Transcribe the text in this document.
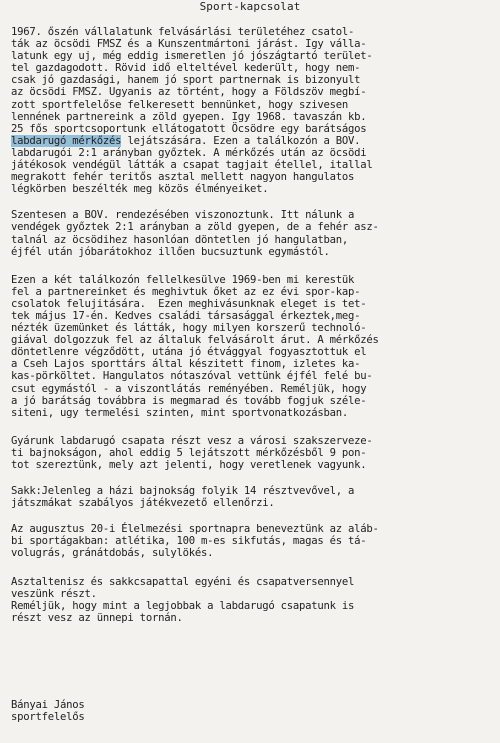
Sport-kapcsolat
1967. őszén vállalatunk felvásárlási területéhez csatol-
ták az öcsödi FMSZ és a Kunszentmártoni járást. Igy válla-
latunk egy uj, még eddig ismeretlen jó jószágtartó terület-
tel gazdagodott. Rövid idő elteltével kederült, hogy nem-
csak jó gazdasági, hanem jó sport partnernak is bizonyult
az öcsödi FMSZ. Ugyanis az történt, hogy a Földszöv megbí-
zott sportfelelőse felkeresett bennünket, hogy szivesen
lennének partnereink a zöld gyepen. Igy 1968. tavaszán kb.
25 fős sportcsoportunk ellátogatott Öcsödre egy barátságos
labdarugó mérkőzés lejátszására. Ezen a találkozón a BOV.
labdarugói 2:1 arányban győztek. A mérkőzés után az öcsödi
játékosok vendégül látták a csapat tagjait étellel, itallal
megrakott fehér teritős asztal mellett nagyon hangulatos
légkörben beszélték meg közös élményeiket.
Szentesen a BOV. rendezésében viszonoztunk. Itt nálunk a
vendégek győztek 2:1 arányban a zöld gyepen, de a fehér asz-
talnál az öcsödihez hasonlóan döntetlen jó hangulatban,
éjfél után jóbarátokhoz illően bucsuztunk egymástól.
Ezen a két találkozón fellelkesülve 1969-ben mi kerestük
fel a partnereinket és meghivtuk őket az ez évi spor-kap-
csolatok felujitására.  Ezen meghivásunknak eleget is tet-
tek május 17-én. Kedves családi társasággal érkeztek,meg-
nézték üzemünket és látták, hogy milyen korszerű technoló-
giával dolgozzuk fel az általuk felvásárolt árut. A mérkőzés
döntetlenre végződött, utána jó étvággyal fogyasztottuk el
a Cseh Lajos sporttárs által készitett finom, izletes ka-
kas-pörköltet. Hangulatos nótaszóval vettünk éjfél felé bu-
csut egymástól - a viszontlátás reményében. Reméljük, hogy
a jó barátság továbbra is megmarad és tovább fogjuk széle-
siteni, ugy termelési szinten, mint sportvonatkozásban.
Gyárunk labdarugó csapata részt vesz a városi szakszerveze-
ti bajnokságon, ahol eddig 5 lejátszott mérkőzésből 9 pon-
tot szereztünk, mely azt jelenti, hogy veretlenek vagyunk.
Sakk:Jelenleg a házi bajnokság folyik 14 résztvevővel, a
játszmákat szabályos játékvezető ellenőrzi.
Az augusztus 20-i Élelmezési sportnapra beneveztünk az aláb-
bi sportágakban: atlétika, 100 m-es sikfutás, magas és tá-
volugrás, gránátdobás, sulylökés.
Asztaltenisz és sakkcsapattal egyéni és csapatversennyel
veszünk részt.
Reméljük, hogy mint a legjobbak a labdarugó csapatunk is
részt vesz az ünnepi tornán.
Bányai János
sportfelelős
